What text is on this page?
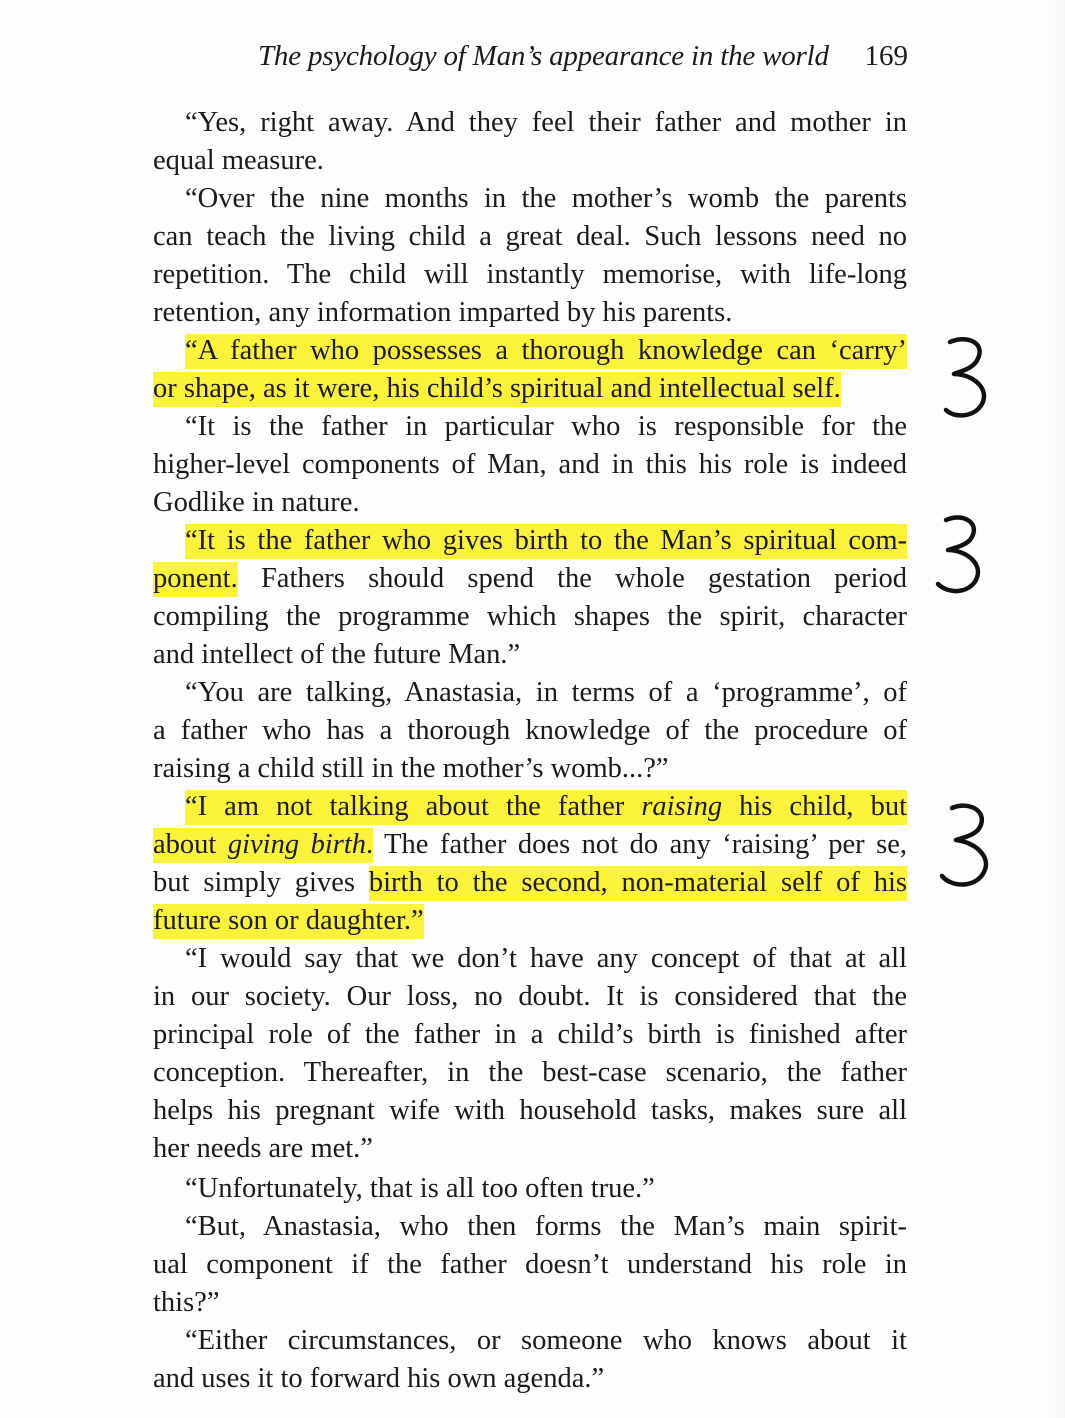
The psychology of Man’s appearance in the world 169
“Yes, right away. And they feel their father and mother in
equal measure.
“Over the nine months in the mother’s womb the parents
can teach the living child a great deal. Such lessons need no
repetition. The child will instantly memorise, with life-long
retention, any information imparted by his parents.
“A father who possesses a thorough knowledge can ‘carry’
or shape, as it were, his child’s spiritual and intellectual self.
“It is the father in particular who is responsible for the
higher-level components of Man, and in this his role is indeed
Godlike in nature.
“It is the father who gives birth to the Man’s spiritual com-
ponent. Fathers should spend the whole gestation period
compiling the programme which shapes the spirit, character
and intellect of the future Man.”
“You are talking, Anastasia, in terms of a ‘programme’, of
a father who has a thorough knowledge of the procedure of
raising a child still in the mother’s womb...?”
“I am not talking about the father raising his child, but
about giving birth. The father does not do any ‘raising’ per se,
but simply gives birth to the second, non-material self of his
future son or daughter.”
“I would say that we don’t have any concept of that at all
in our society. Our loss, no doubt. It is considered that the
principal role of the father in a child’s birth is finished after
conception. Thereafter, in the best-case scenario, the father
helps his pregnant wife with household tasks, makes sure all
her needs are met.”
“Unfortunately, that is all too often true.”
“But, Anastasia, who then forms the Man’s main spirit-
ual component if the father doesn’t understand his role in
this?”
“Either circumstances, or someone who knows about it
and uses it to forward his own agenda.”
3
3
3
